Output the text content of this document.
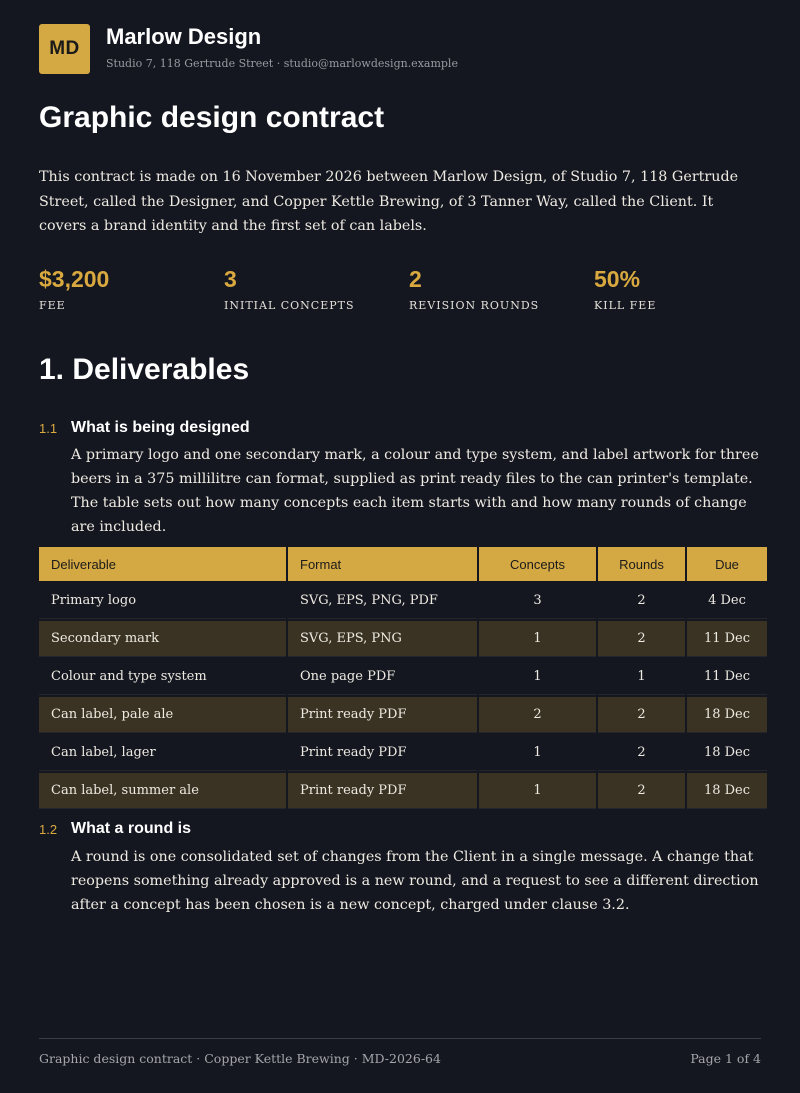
MD	Marlow Design
Studio 7, 118 Gertrude Street · studio@marlowdesign.example
Graphic design contract

This contract is made on 16 November 2026 between Marlow Design, of Studio 7, 118 Gertrude Street, called the Designer, and Copper Kettle Brewing, of 3 Tanner Way, called the Client. It covers a brand identity and the first set of can labels.

$3,200
FEE
3
INITIAL CONCEPTS
2
REVISION ROUNDS
50%
KILL FEE
1. Deliverables
1.1 What is being designed

A primary logo and one secondary mark, a colour and type system, and label artwork for three beers in a 375 millilitre can format, supplied as print ready files to the can printer's template. The table sets out how many concepts each item starts with and how many rounds of change are included.

Deliverable	Format	Concepts	Rounds	Due
Primary logo	SVG, EPS, PNG, PDF	3	2	4 Dec
Secondary mark	SVG, EPS, PNG	1	2	11 Dec
Colour and type system	One page PDF	1	1	11 Dec
Can label, pale ale	Print ready PDF	2	2	18 Dec
Can label, lager	Print ready PDF	1	2	18 Dec
Can label, summer ale	Print ready PDF	1	2	18 Dec
1.2 What a round is

A round is one consolidated set of changes from the Client in a single message. A change that reopens something already approved is a new round, and a request to see a different direction after a concept has been chosen is a new concept, charged under clause 3.2.

Graphic design contract · Copper Kettle Brewing · MD-2026-64	Page 1 of 4
